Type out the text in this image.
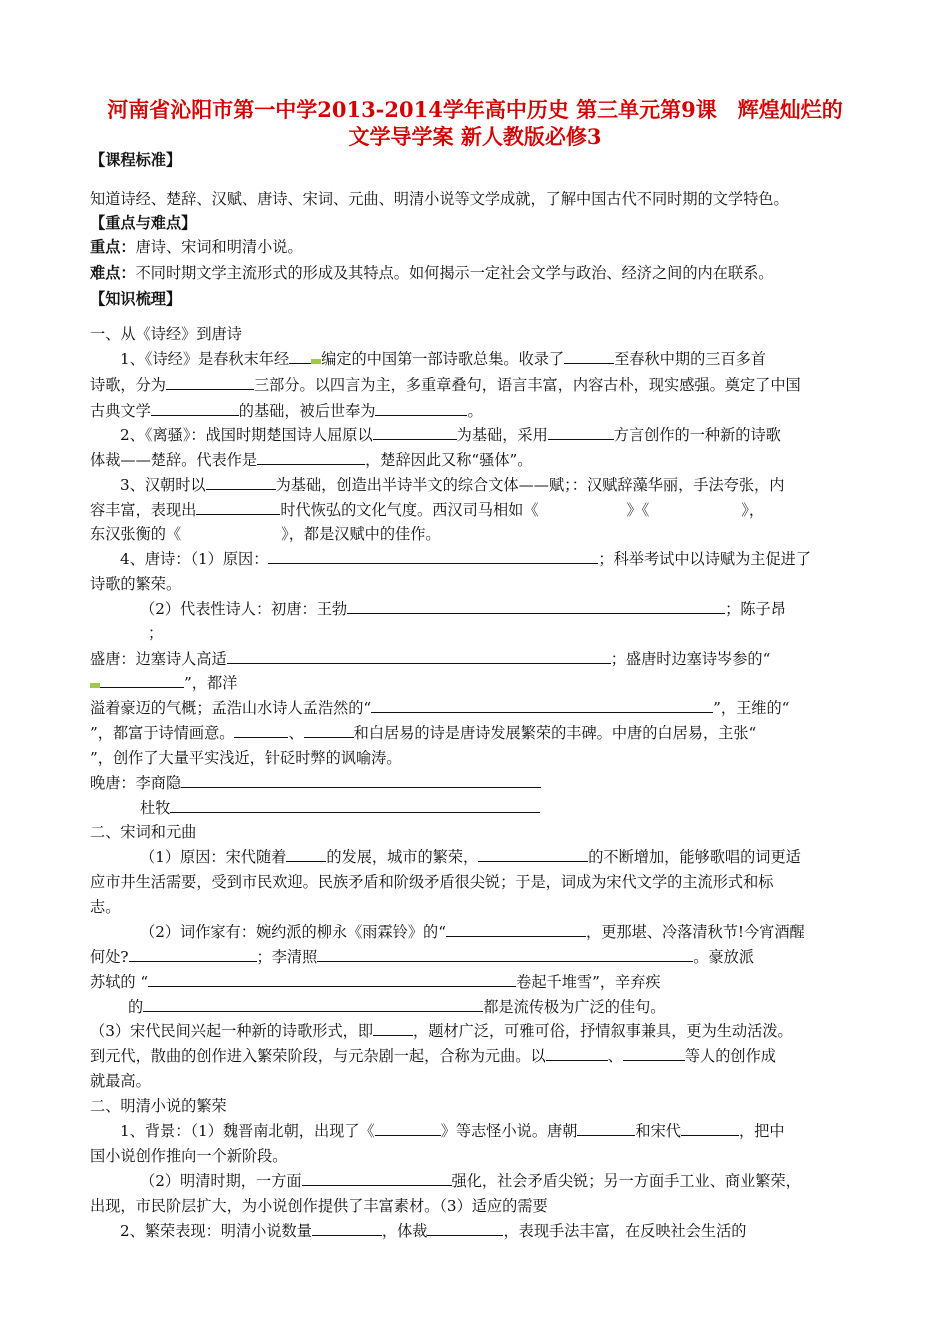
河南省沁阳市第一中学2013-2014学年高中历史 第三单元第9课　辉煌灿烂的
文学导学案 新人教版必修3
【课程标准】
知道诗经、楚辞、汉赋、唐诗、宋词、元曲、明清小说等文学成就，了解中国古代不同时期的文学特色。
【重点与难点】
重点：唐诗、宋词和明清小说。
难点：不同时期文学主流形式的形成及其特点。如何揭示一定社会文学与政治、经济之间的内在联系。
【知识梳理】
一、从《诗经》到唐诗
1、《诗经》是春秋末年经 编定的中国第一部诗歌总集。收录了	至春秋中期的三百多首
诗歌，分为	三部分。以四言为主，多重章叠句，语言丰富，内容古朴，现实感强。奠定了中国
古典文学	的基础，被后世奉为	。
2、《离骚》：战国时期楚国诗人屈原以	为基础，采用	方言创作的一种新的诗歌
体裁——楚辞。代表作是	，楚辞因此又称“骚体”。
3、汉朝时以	为基础，创造出半诗半文的综合文体——赋；：汉赋辞藻华丽，手法夸张，内
容丰富，表现出	时代恢弘的文化气度。西汉司马相如《	》《	》，
东汉张衡的《	》，都是汉赋中的佳作。
4、唐诗：（1）原因：	；科举考试中以诗赋为主促进了
诗歌的繁荣。
（2）代表性诗人：初唐：王勃	；陈子昂
；
盛唐：边塞诗人高适	；盛唐时边塞诗岑参的“
”，都洋
溢着豪迈的气概；孟浩山水诗人孟浩然的“	”，王维的“
”，都富于诗情画意。	、	和白居易的诗是唐诗发展繁荣的丰碑。中唐的白居易，主张“
”，创作了大量平实浅近，针砭时弊的讽喻涛。
晚唐：李商隐
杜牧
二、宋词和元曲
（1）原因：宋代随着	的发展，城市的繁荣，	的不断增加，能够歌唱的词更适
应市井生活需要，受到市民欢迎。民族矛盾和阶级矛盾很尖锐；于是，词成为宋代文学的主流形式和标
志。
（2）词作家有：婉约派的柳永《雨霖铃》的“	，更那堪、冷落清秋节!今宵酒醒
何处?	；李清照	。豪放派
苏轼的 “	卷起千堆雪”，辛弃疾
的	都是流传极为广泛的佳句。
（3）宋代民间兴起一种新的诗歌形式，即	，题材广泛，可雅可俗，抒情叙事兼具，更为生动活泼。
到元代，散曲的创作进入繁荣阶段，与元杂剧一起，合称为元曲。以	、	等人的创作成
就最高。
二、明清小说的繁荣
1、背景：（1）魏晋南北朝，出现了《	》等志怪小说。唐朝	和宋代	，把中
国小说创作推向一个新阶段。
（2）明清时期，一方面	强化，社会矛盾尖锐；另一方面手工业、商业繁荣，
出现，市民阶层扩大，为小说创作提供了丰富素材。（3）适应的需要
2、繁荣表现：明清小说数量	，体裁	，表现手法丰富，在反映社会生活的
